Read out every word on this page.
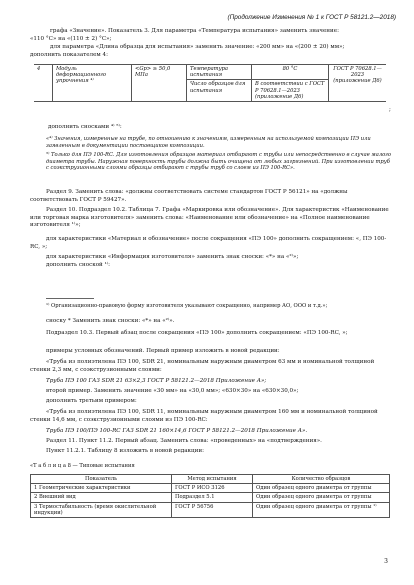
(Продолжение Изменения № 1 к ГОСТ Р 58121.2—2018)
графа «Значение». Показатель 3. Для параметра «Температура испытания» заменить значение:
«110 °С» на «(110 ± 2) °С»;
для параметра «Длина образца для испытания» заменить значение: «200 мм» на «(200 ± 20) мм»;
дополнить показателем 4:
4	Модуль деформационного упрочнения ⁴⁾	<Gp> ≥ 50,0 МПа	Температура испытания	80 °С	ГОСТ Р 70628.1—2023 (приложение Д6)
			Число образцов для испытания	В соответствии с ГОСТ Р 70628.1—2023 (приложение Д6)	
;
дополнить сносками ⁴⁾ ⁵⁾:
«⁴⁾ Значения, измеренные на трубе, по отношению к значениям, измеренным на используемой композиции ПЭ или заявленным в документации поставщиков композиции.
⁵⁾ Только для ПЭ 100-RC. Для изготовления образцов материал отбирают с трубы или непосредственно в случае малого диаметра трубы. Наружная поверхность трубы должна быть очищена от любых загрязнений. При изготовлении труб с соэкструзионными слоями образцы отбирают с трубы труб со слоем из ПЭ 100-RC».
Раздел 9. Заменить слова: «должны соответствовать системе стандартов ГОСТ Р 56121» на «должны соответствовать ГОСТ Р 59427».
Раздел 10. Подраздел 10.2. Таблица 7. Графа «Маркировка или обозначение». Для характеристик «Наименование или торговая марка изготовителя» заменить слова: «Наименование или обозначение» на «Полное наименование изготовителя ¹⁾»;
для характеристики «Материал и обозначение» после сокращения «ПЭ 100» дополнить сокращением: «, ПЭ 100-RC, »;
для характеристики «Информация изготовителя» заменить знак сноски: «*» на «²⁾»;
дополнить сноской ¹⁾:
¹⁾ Организационно-правовую форму изготовителя указывают сокращенно, например АО, ООО и т.д.»;
сноску * Заменить знак сноски: «*» на «²⁾».
Подраздел 10.3. Первый абзац после сокращения «ПЭ 100» дополнить сокращением: «ПЭ 100-RC, »;
примеры условных обозначений. Первый пример изложить в новой редакции:
«Труба из полиэтилена ПЭ 100, SDR 21, номинальным наружным диаметром 63 мм и номинальной толщиной стенки 2,3 мм, с соэкструзионными слоями:
Труба ПЭ 100 ГАЗ SDR 21 63×2,3 ГОСТ Р 58121.2—2018 Приложение А»;
второй пример. Заменить значение «30 мм» на «30,0 мм»; «630×30» на «630×30,0»;
дополнить третьим примером:
«Труба из полиэтилена ПЭ 100, SDR 11, номинальным наружным диаметром 160 мм и номинальной толщиной стенки 14,6 мм, с соэкструзионными слоями из ПЭ 100-RC:
Труба ПЭ 100/ПЭ 100-RC ГАЗ SDR 21 160×14,6 ГОСТ Р 58121.2—2018 Приложение А».
Раздел 11. Пункт 11.2. Первый абзац. Заменить слова: «проведенных» на «подтверждения».
Пункт 11.2.1. Таблицу 8 изложить в новой редакции:
«Т а б л и ц а 8 — Типовые испытания
Показатель	Метод испытания	Количество образцов
1 Геометрические характеристики	ГОСТ Р ИСО 3126	Один образец одного диаметра от группы
2 Внешний вид	Подраздел 5.1	Один образец одного диаметра от группы
3 Термостабильность (время окислительной индукции)	ГОСТ Р 56756	Один образец одного диаметра от группы ¹⁾
3
